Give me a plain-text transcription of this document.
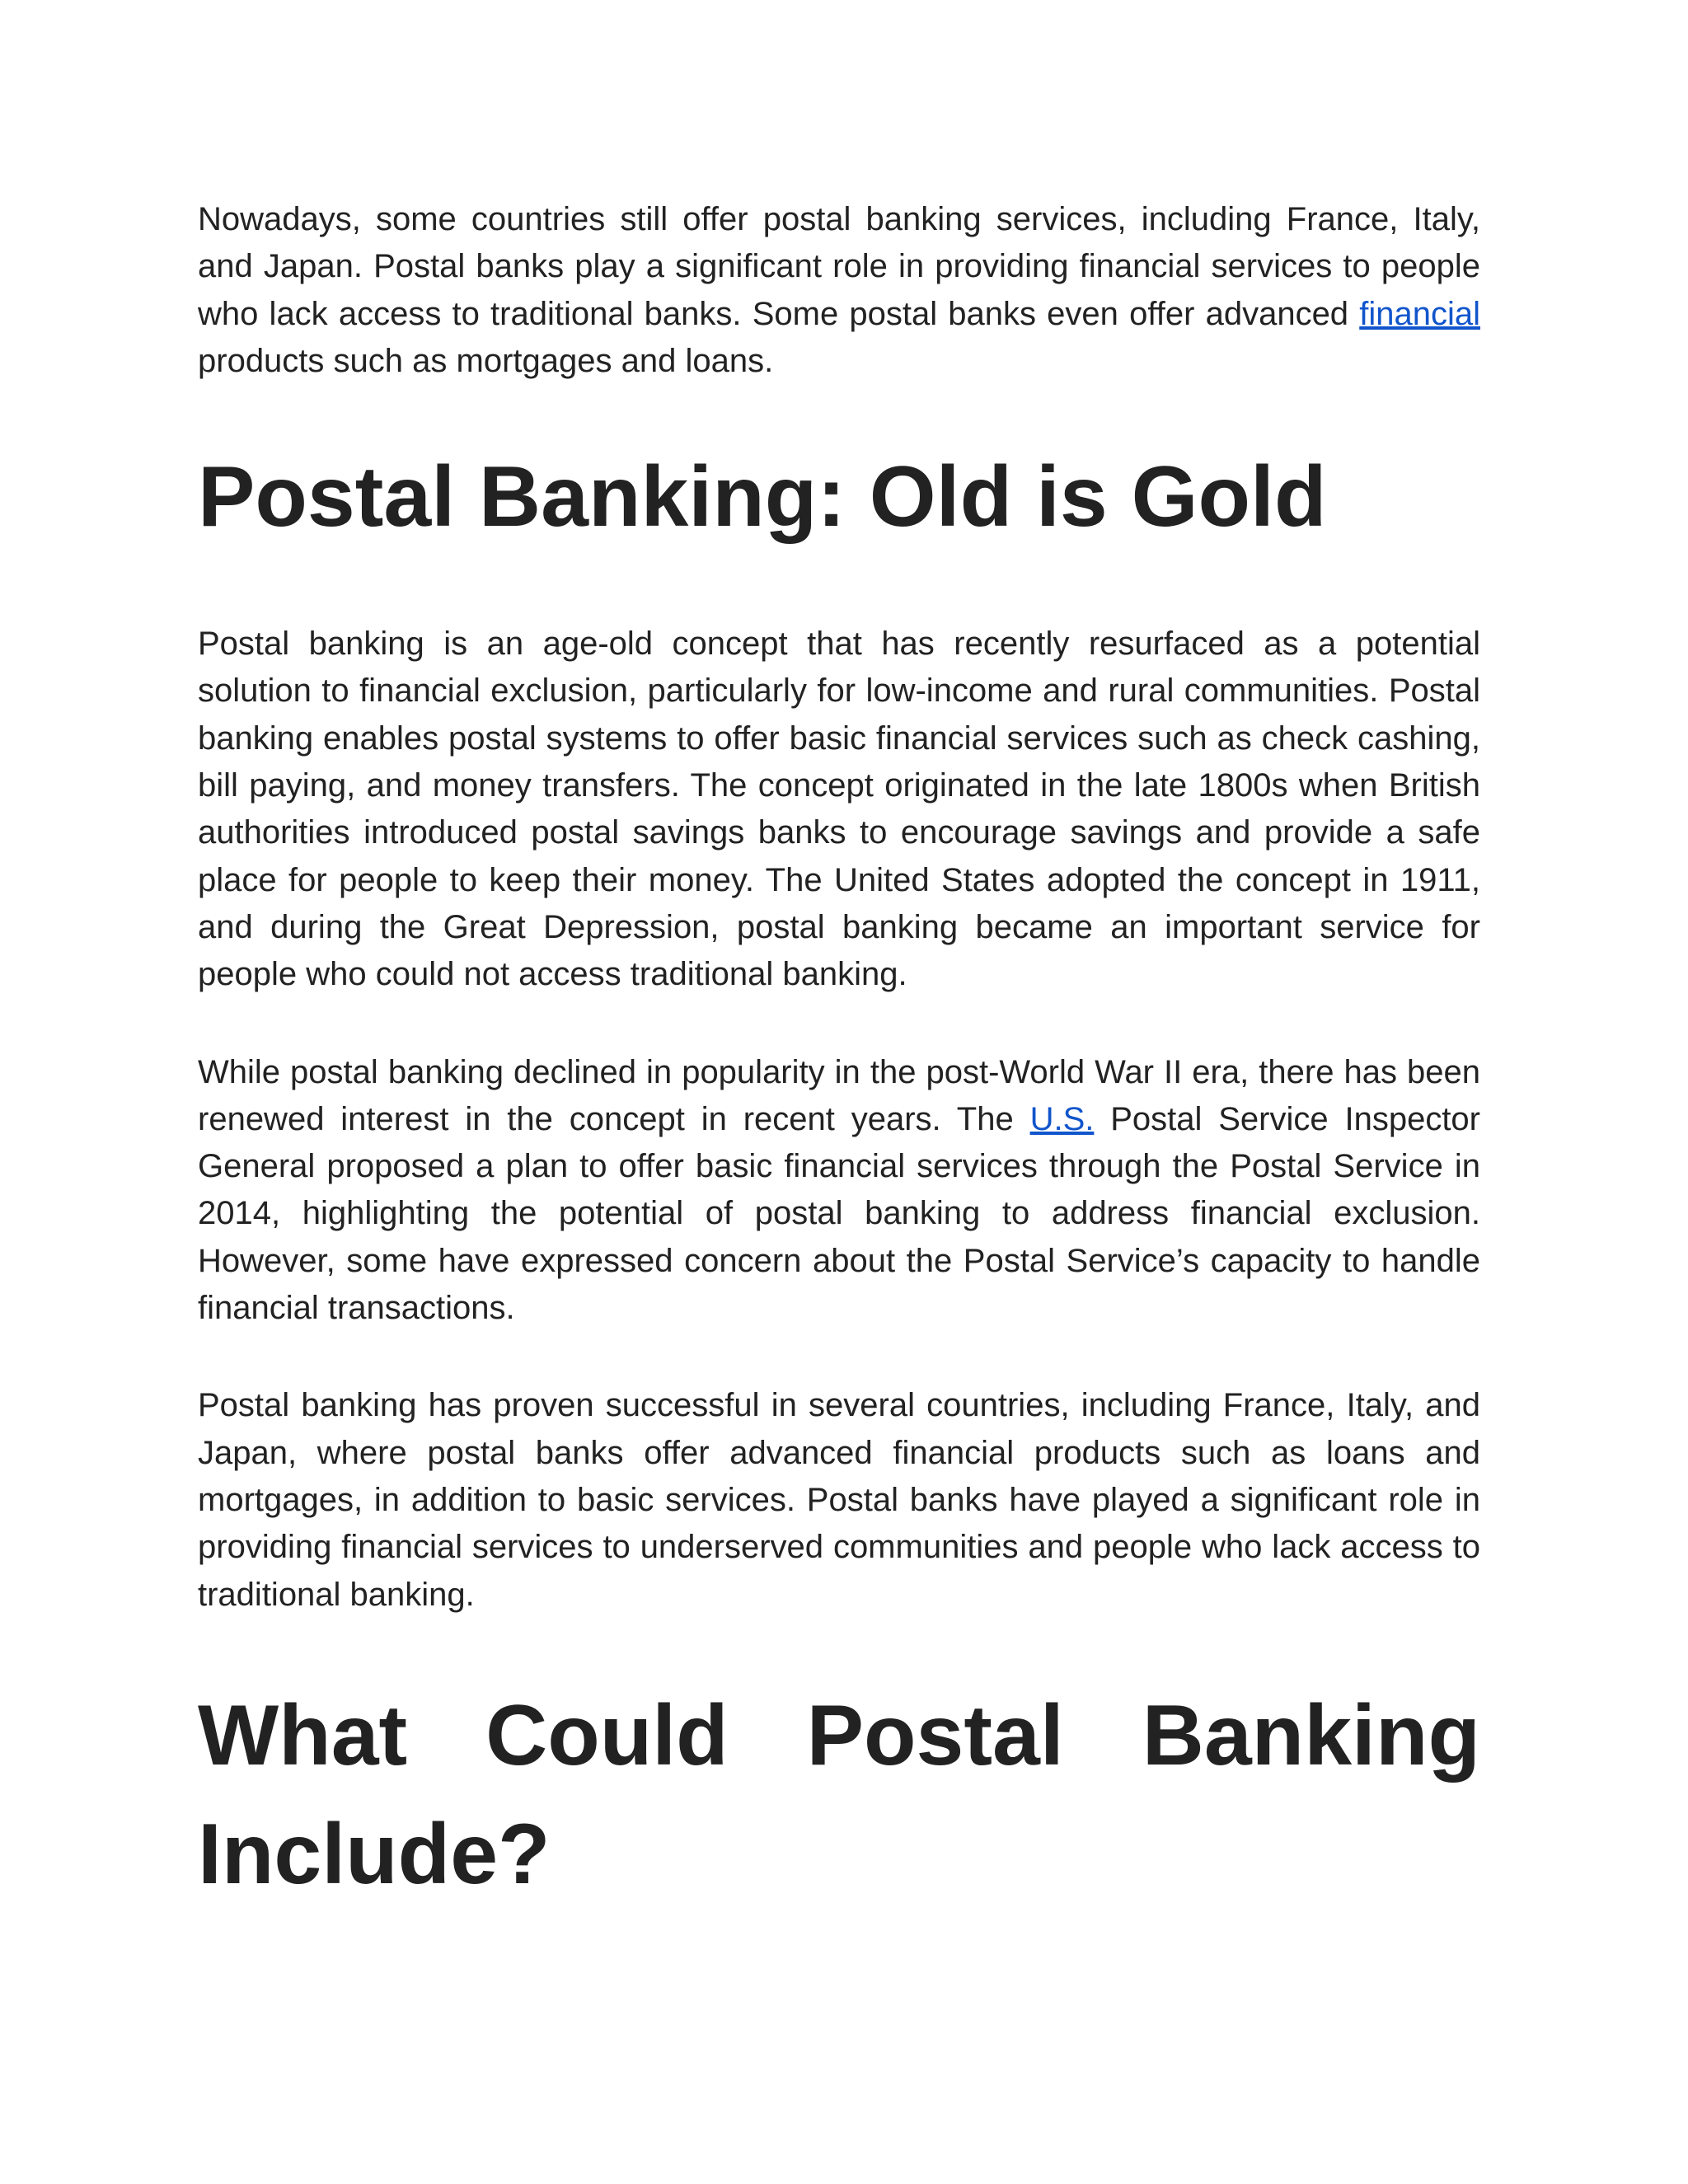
Nowadays, some countries still offer postal banking services, including France, Italy, and Japan. Postal banks play a significant role in providing financial services to people who lack access to traditional banks. Some postal banks even offer advanced financial products such as mortgages and loans.

Postal Banking: Old is Gold

Postal banking is an age-old concept that has recently resurfaced as a potential solution to financial exclusion, particularly for low-income and rural communities. Postal banking enables postal systems to offer basic financial services such as check cashing, bill paying, and money transfers. The concept originated in the late 1800s when British authorities introduced postal savings banks to encourage savings and provide a safe place for people to keep their money. The United States adopted the concept in 1911, and during the Great Depression, postal banking became an important service for people who could not access traditional banking.

While postal banking declined in popularity in the post-World War II era, there has been renewed interest in the concept in recent years. The U.S. Postal Service Inspector General proposed a plan to offer basic financial services through the Postal Service in 2014, highlighting the potential of postal banking to address financial exclusion. However, some have expressed concern about the Postal Service’s capacity to handle financial transactions.

Postal banking has proven successful in several countries, including France, Italy, and Japan, where postal banks offer advanced financial products such as loans and mortgages, in addition to basic services. Postal banks have played a significant role in providing financial services to underserved communities and people who lack access to traditional banking.

What Could Postal Banking Include?
